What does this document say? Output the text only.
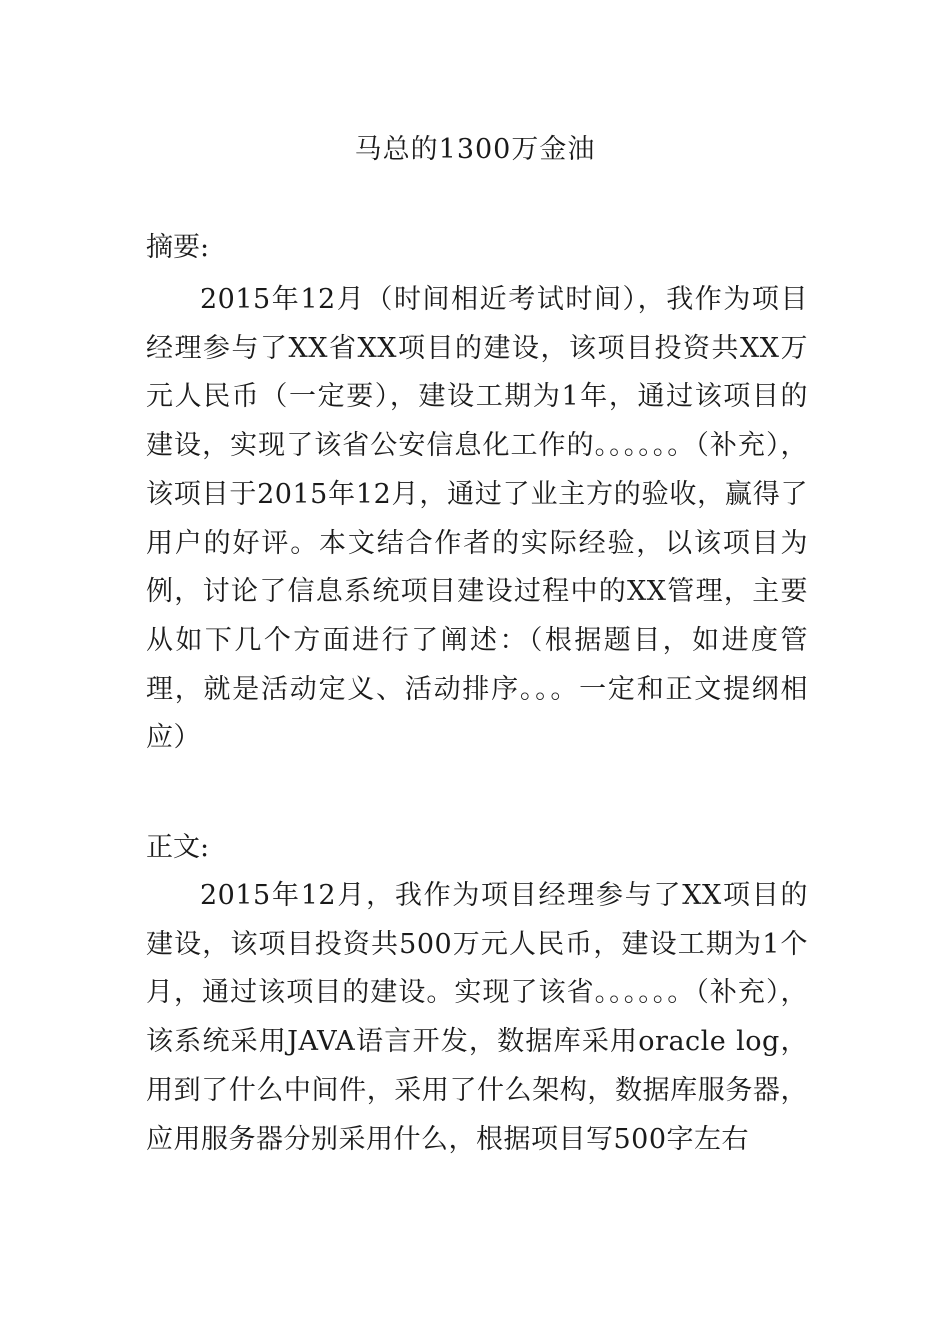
马总的1300万金油
摘要:
2015年12月（时间相近考试时间），我作为项目经理参与了XX省XX项目的建设，该项目投资共XX万元人民币（一定要），建设工期为1年，通过该项目的建设，实现了该省公安信息化工作的。。。。。。（补充），该项目于2015年12月，通过了业主方的验收，赢得了用户的好评。本文结合作者的实际经验，以该项目为例，讨论了信息系统项目建设过程中的XX管理，主要从如下几个方面进行了阐述：（根据题目，如进度管理，就是活动定义、活动排序。。。一定和正文提纲相应）
正文:
2015年12月，我作为项目经理参与了XX项目的建设，该项目投资共500万元人民币，建设工期为1个月，通过该项目的建设。实现了该省。。。。。。（补充），该系统采用JAVA语言开发，数据库采用oracle log，用到了什么中间件，采用了什么架构，数据库服务器，应用服务器分别采用什么，根据项目写500字左右
